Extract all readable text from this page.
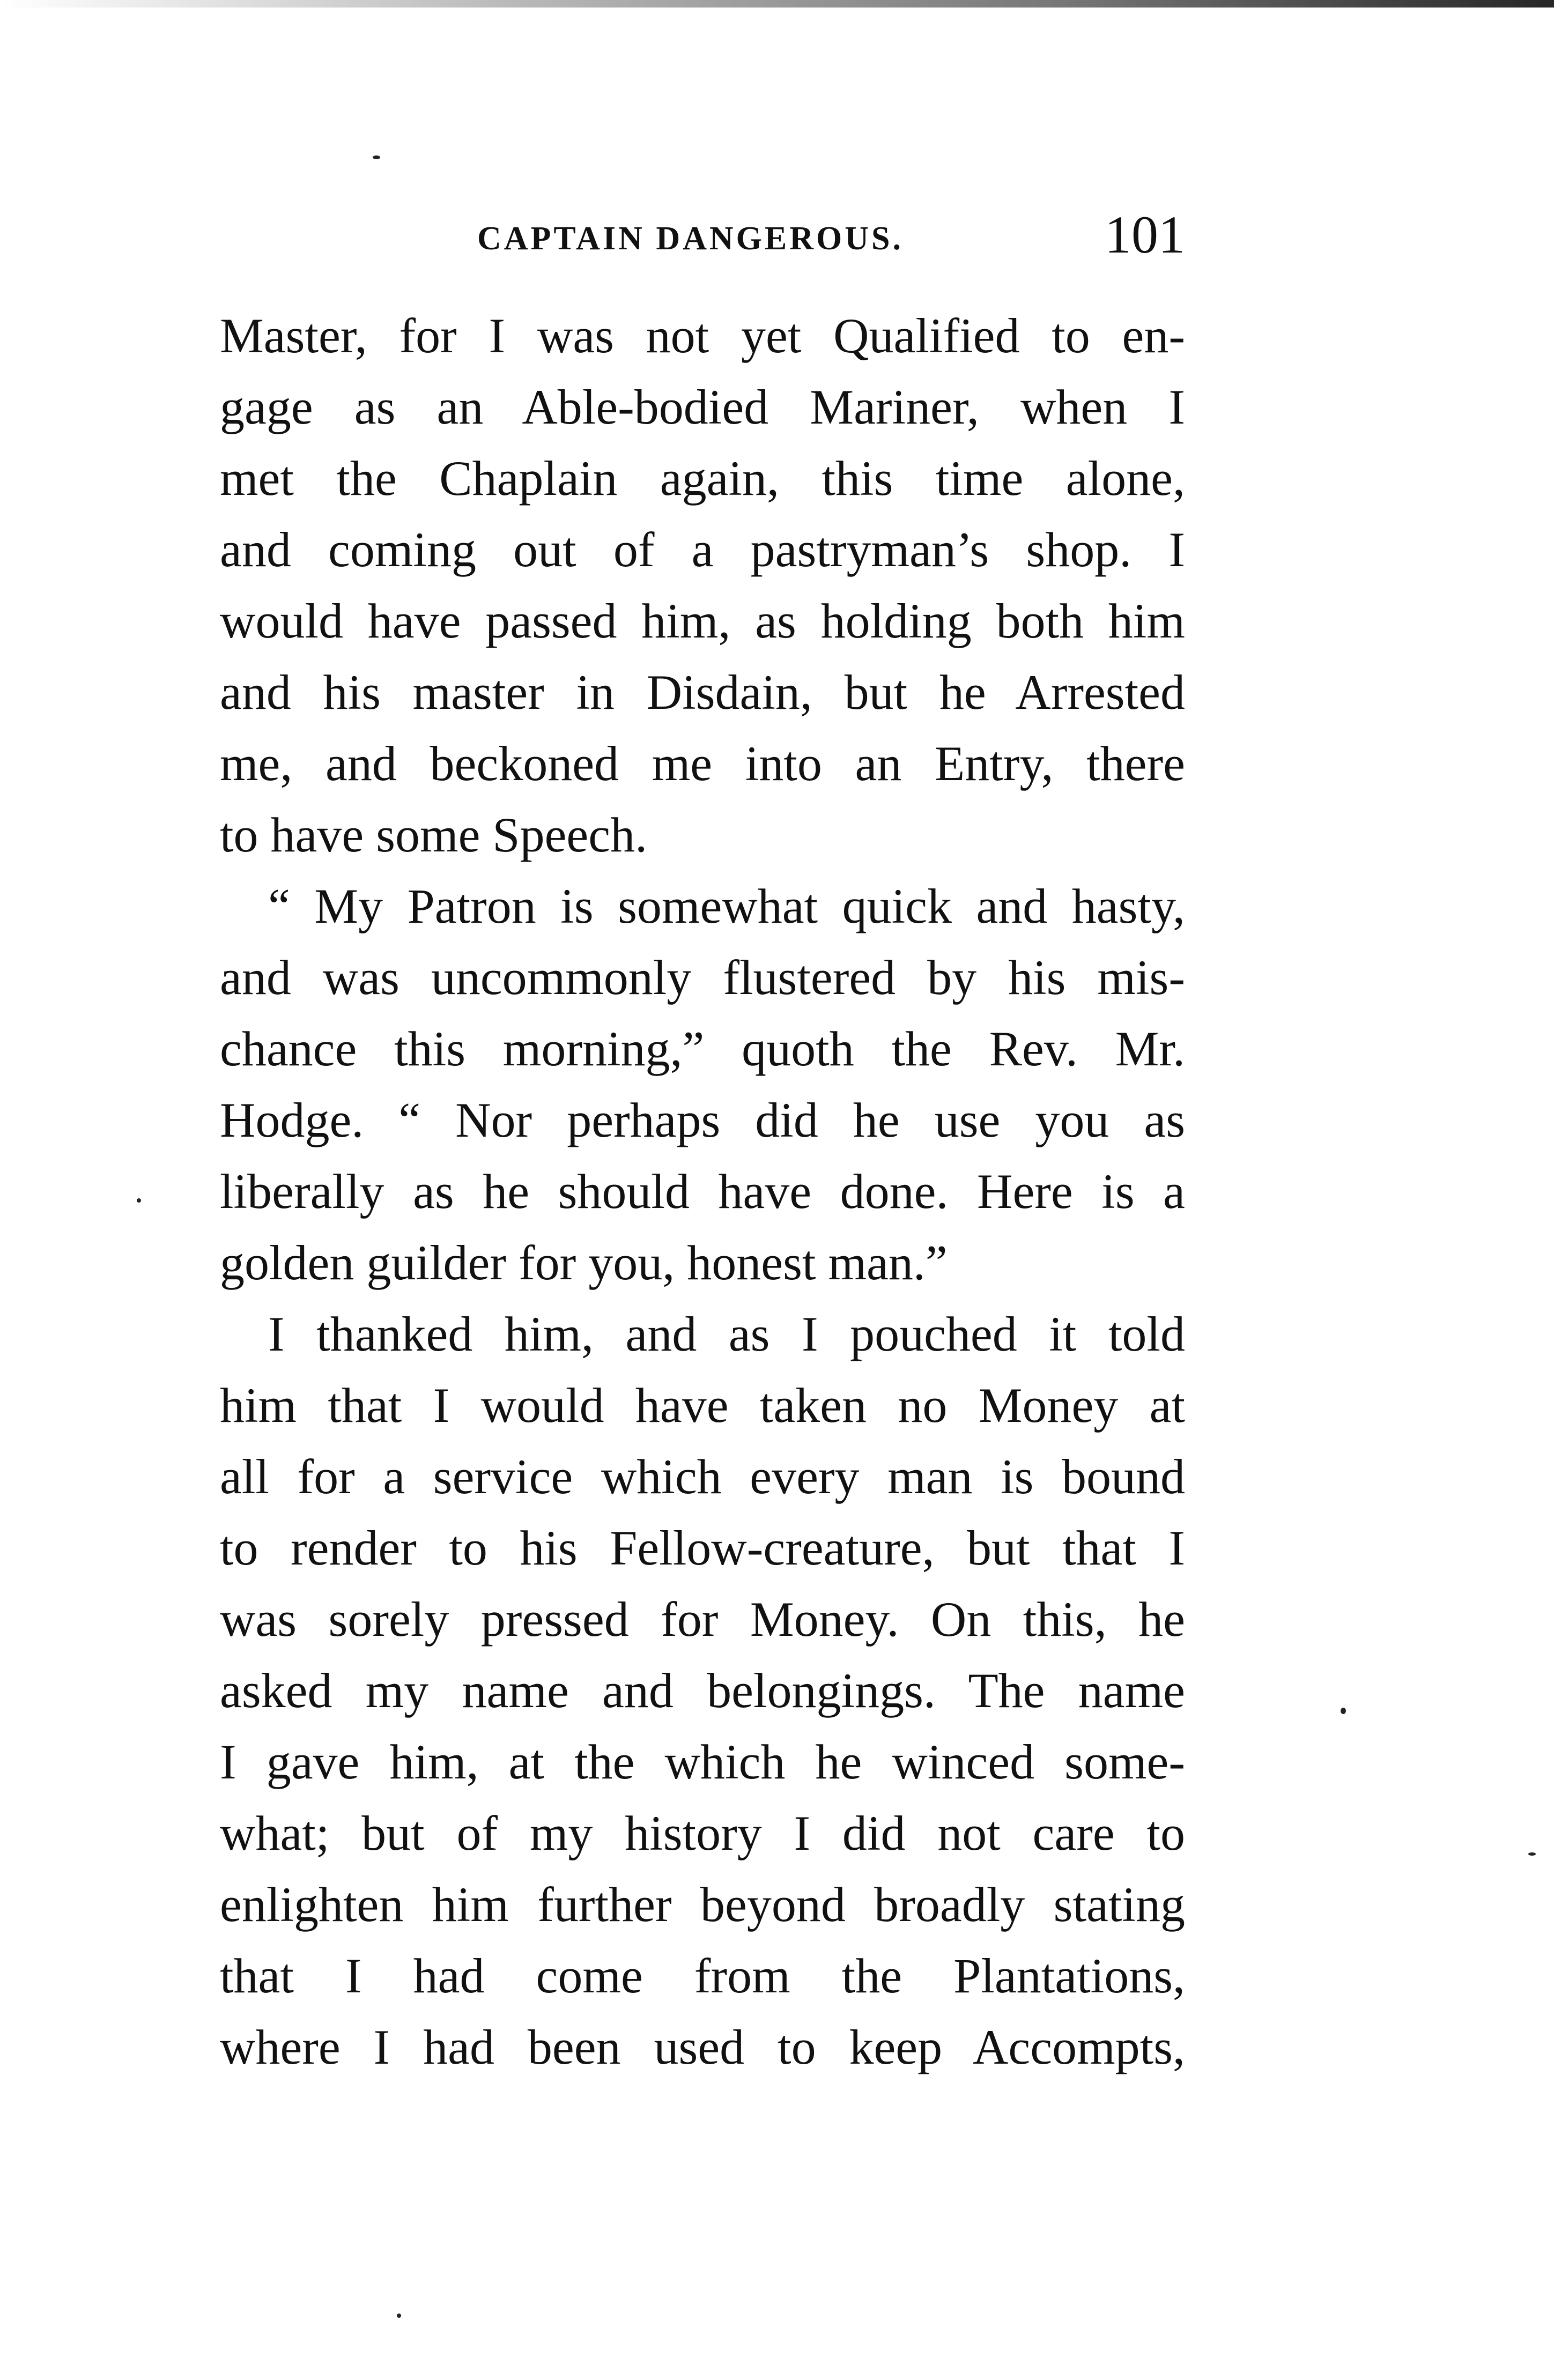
CAPTAIN DANGEROUS.	101
Master, for I was not yet Qualified to en-
gage as an Able-bodied Mariner, when I
met the Chaplain again, this time alone,
and coming out of a pastryman’s shop. I
would have passed him, as holding both him
and his master in Disdain, but he Arrested
me, and beckoned me into an Entry, there
to have some Speech.
“ My Patron is somewhat quick and hasty,
and was uncommonly flustered by his mis-
chance this morning,” quoth the Rev. Mr.
Hodge. “ Nor perhaps did he use you as
liberally as he should have done. Here is a
golden guilder for you, honest man.”
I thanked him, and as I pouched it told
him that I would have taken no Money at
all for a service which every man is bound
to render to his Fellow-creature, but that I
was sorely pressed for Money. On this, he
asked my name and belongings. The name
I gave him, at the which he winced some-
what; but of my history I did not care to
enlighten him further beyond broadly stating
that I had come from the Plantations,
where I had been used to keep Accompts,
